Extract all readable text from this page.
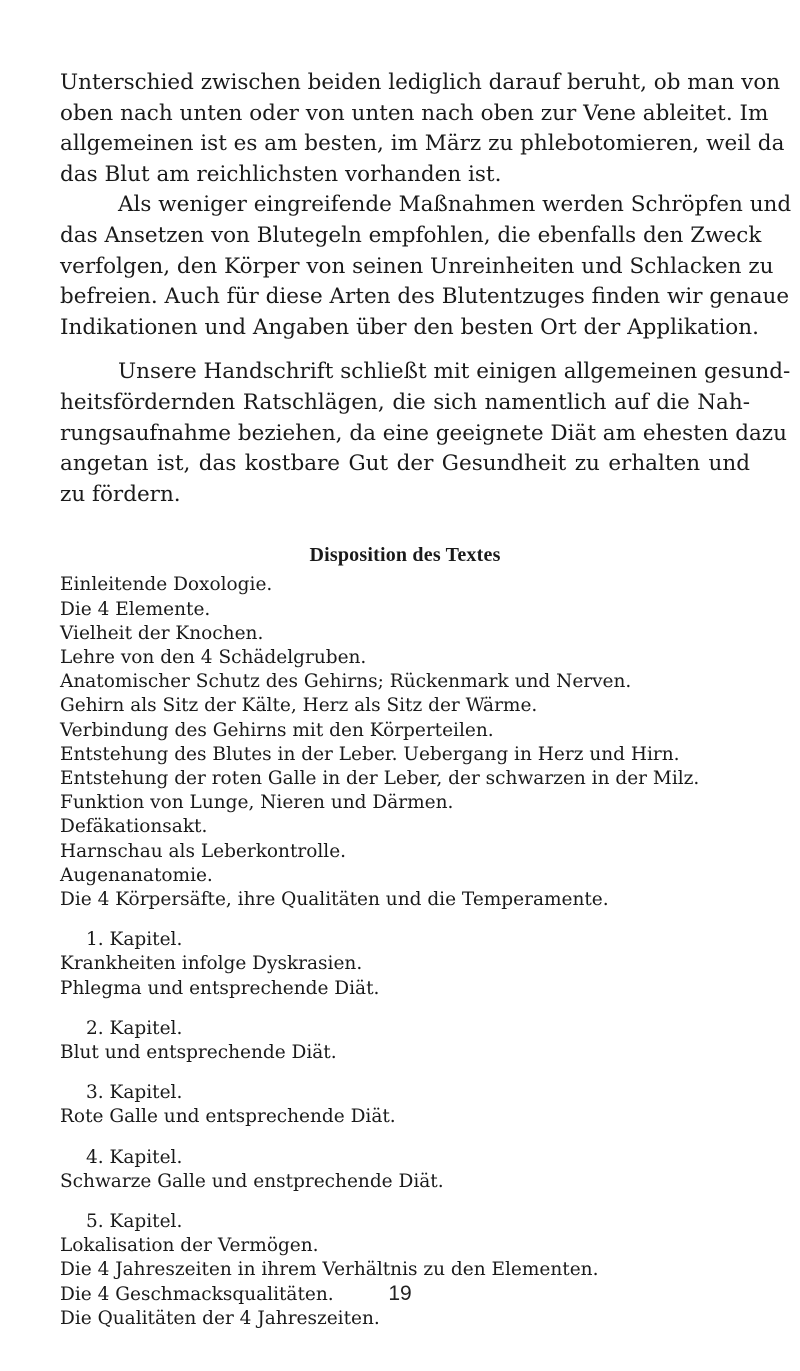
Unterschied zwischen beiden lediglich darauf beruht, ob man von
oben nach unten oder von unten nach oben zur Vene ableitet. Im
allgemeinen ist es am besten, im März zu phlebotomieren, weil da
das Blut am reichlichsten vorhanden ist.

Als weniger eingreifende Maßnahmen werden Schröpfen und
das Ansetzen von Blutegeln empfohlen, die ebenfalls den Zweck
verfolgen, den Körper von seinen Unreinheiten und Schlacken zu
befreien. Auch für diese Arten des Blutentzuges finden wir genaue
Indikationen und Angaben über den besten Ort der Applikation.

Unsere Handschrift schließt mit einigen allgemeinen gesund-
heitsfördernden Ratschlägen, die sich namentlich auf die Nah-
rungsaufnahme beziehen, da eine geeignete Diät am ehesten dazu
angetan ist, das kostbare Gut der Gesundheit zu erhalten und
zu fördern.

Disposition des Textes
Einleitende Doxologie.
Die 4 Elemente.
Vielheit der Knochen.
Lehre von den 4 Schädelgruben.
Anatomischer Schutz des Gehirns; Rückenmark und Nerven.
Gehirn als Sitz der Kälte, Herz als Sitz der Wärme.
Verbindung des Gehirns mit den Körperteilen.
Entstehung des Blutes in der Leber. Uebergang in Herz und Hirn.
Entstehung der roten Galle in der Leber, der schwarzen in der Milz.
Funktion von Lunge, Nieren und Därmen.
Defäkationsakt.
Harnschau als Leberkontrolle.
Augenanatomie.
Die 4 Körpersäfte, ihre Qualitäten und die Temperamente.
1. Kapitel.
Krankheiten infolge Dyskrasien.
Phlegma und entsprechende Diät.
2. Kapitel.
Blut und entsprechende Diät.
3. Kapitel.
Rote Galle und entsprechende Diät.
4. Kapitel.
Schwarze Galle und enstprechende Diät.
5. Kapitel.
Lokalisation der Vermögen.
Die 4 Jahreszeiten in ihrem Verhältnis zu den Elementen.
Die 4 Geschmacksqualitäten.
Die Qualitäten der 4 Jahreszeiten.
19
